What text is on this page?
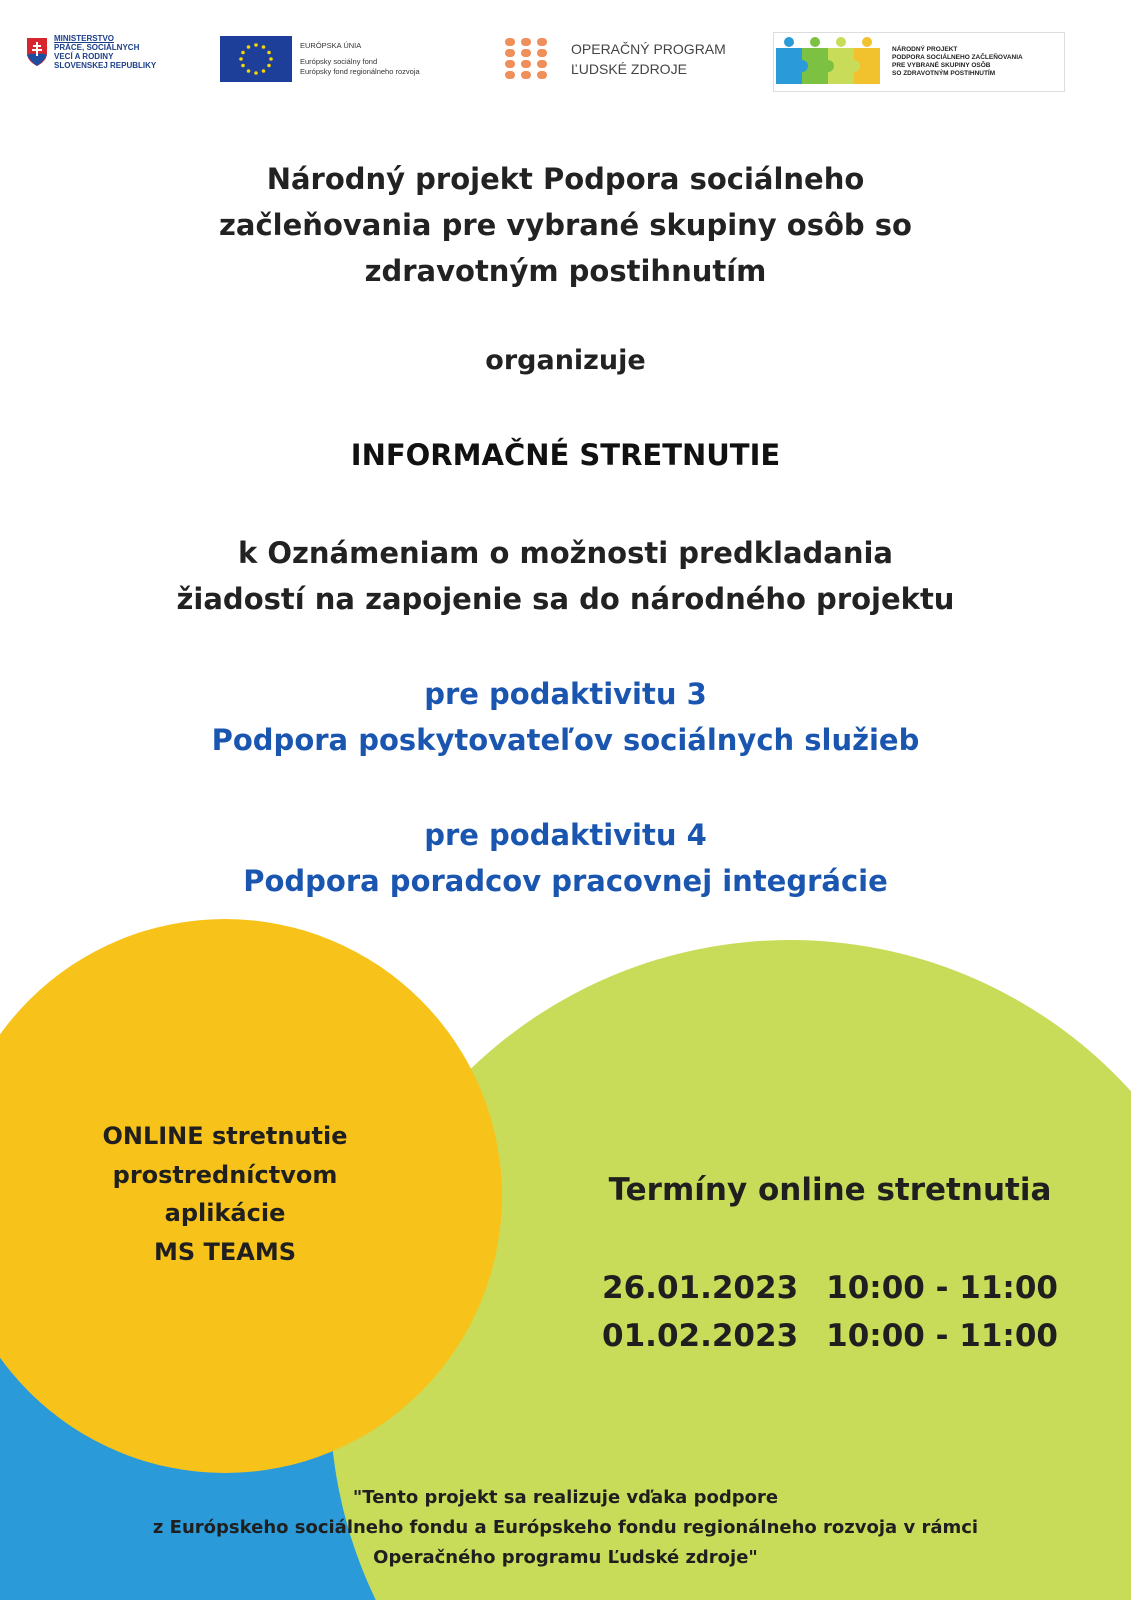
MINISTERSTVO
PRÁCE, SOCIÁLNYCH
VECÍ A RODINY
SLOVENSKEJ REPUBLIKY
EURÓPSKA ÚNIA
Európsky sociálny fond
Európsky fond regionálneho rozvoja
OPERAČNÝ PROGRAM
ĽUDSKÉ ZDROJE
NÁRODNÝ PROJEKT
PODPORA SOCIÁLNEHO ZAČLEŇOVANIA
PRE VYBRANÉ SKUPINY OSÔB
SO ZDRAVOTNÝM POSTIHNUTÍM
Národný projekt Podpora sociálneho
začleňovania pre vybrané skupiny osôb so
zdravotným postihnutím
organizuje
INFORMAČNÉ STRETNUTIE
k Oznámeniam o možnosti predkladania
žiadostí na zapojenie sa do národného projektu
pre podaktivitu 3
Podpora poskytovateľov sociálnych služieb
pre podaktivitu 4
Podpora poradcov pracovnej integrácie
ONLINE stretnutie
prostredníctvom
aplikácie
MS TEAMS
Termíny online stretnutia
26.01.2023 10:00 - 11:00
01.02.2023 10:00 - 11:00
"Tento projekt sa realizuje vďaka podpore
z Európskeho sociálneho fondu a Európskeho fondu regionálneho rozvoja v rámci
Operačného programu Ľudské zdroje"
